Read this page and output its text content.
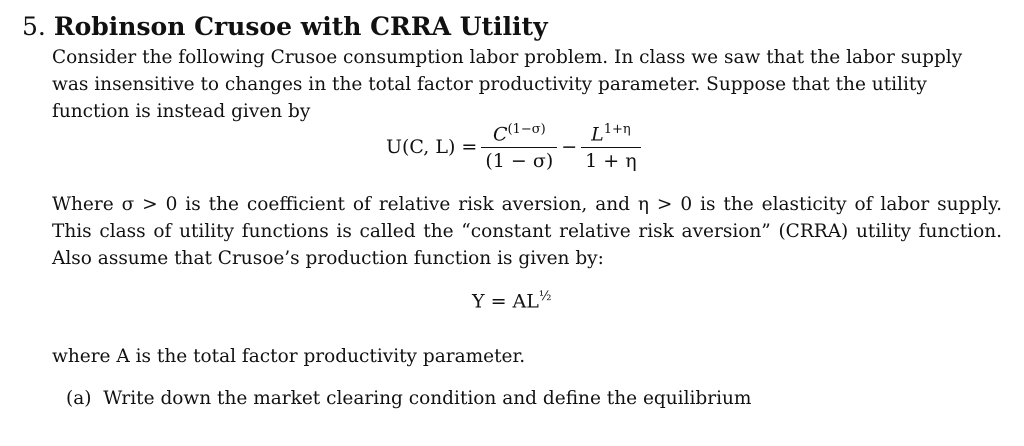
5. Robinson Crusoe with CRRA Utility
Consider the following Crusoe consumption labor problem. In class we saw that the labor supply was insensitive to changes in the total factor productivity parameter. Suppose that the utility function is instead given by
U(C, $L) = \frac{C^{(1-\sigma)}}{(1 - \sigma)} - \frac{L^{1+\eta}}{1 + \eta}$
Where σ > 0 is the coefficient of relative risk aversion, and η > 0 is the elasticity of labor supply. This class of utility functions is called the “constant relative risk aversion” (CRRA) utility function. Also assume that Crusoe’s production function is given by:
$Y = AL^{\frac{1}{2}}$
where A is the total factor productivity parameter.
(a) Write down the market clearing condition and define the equilibrium
